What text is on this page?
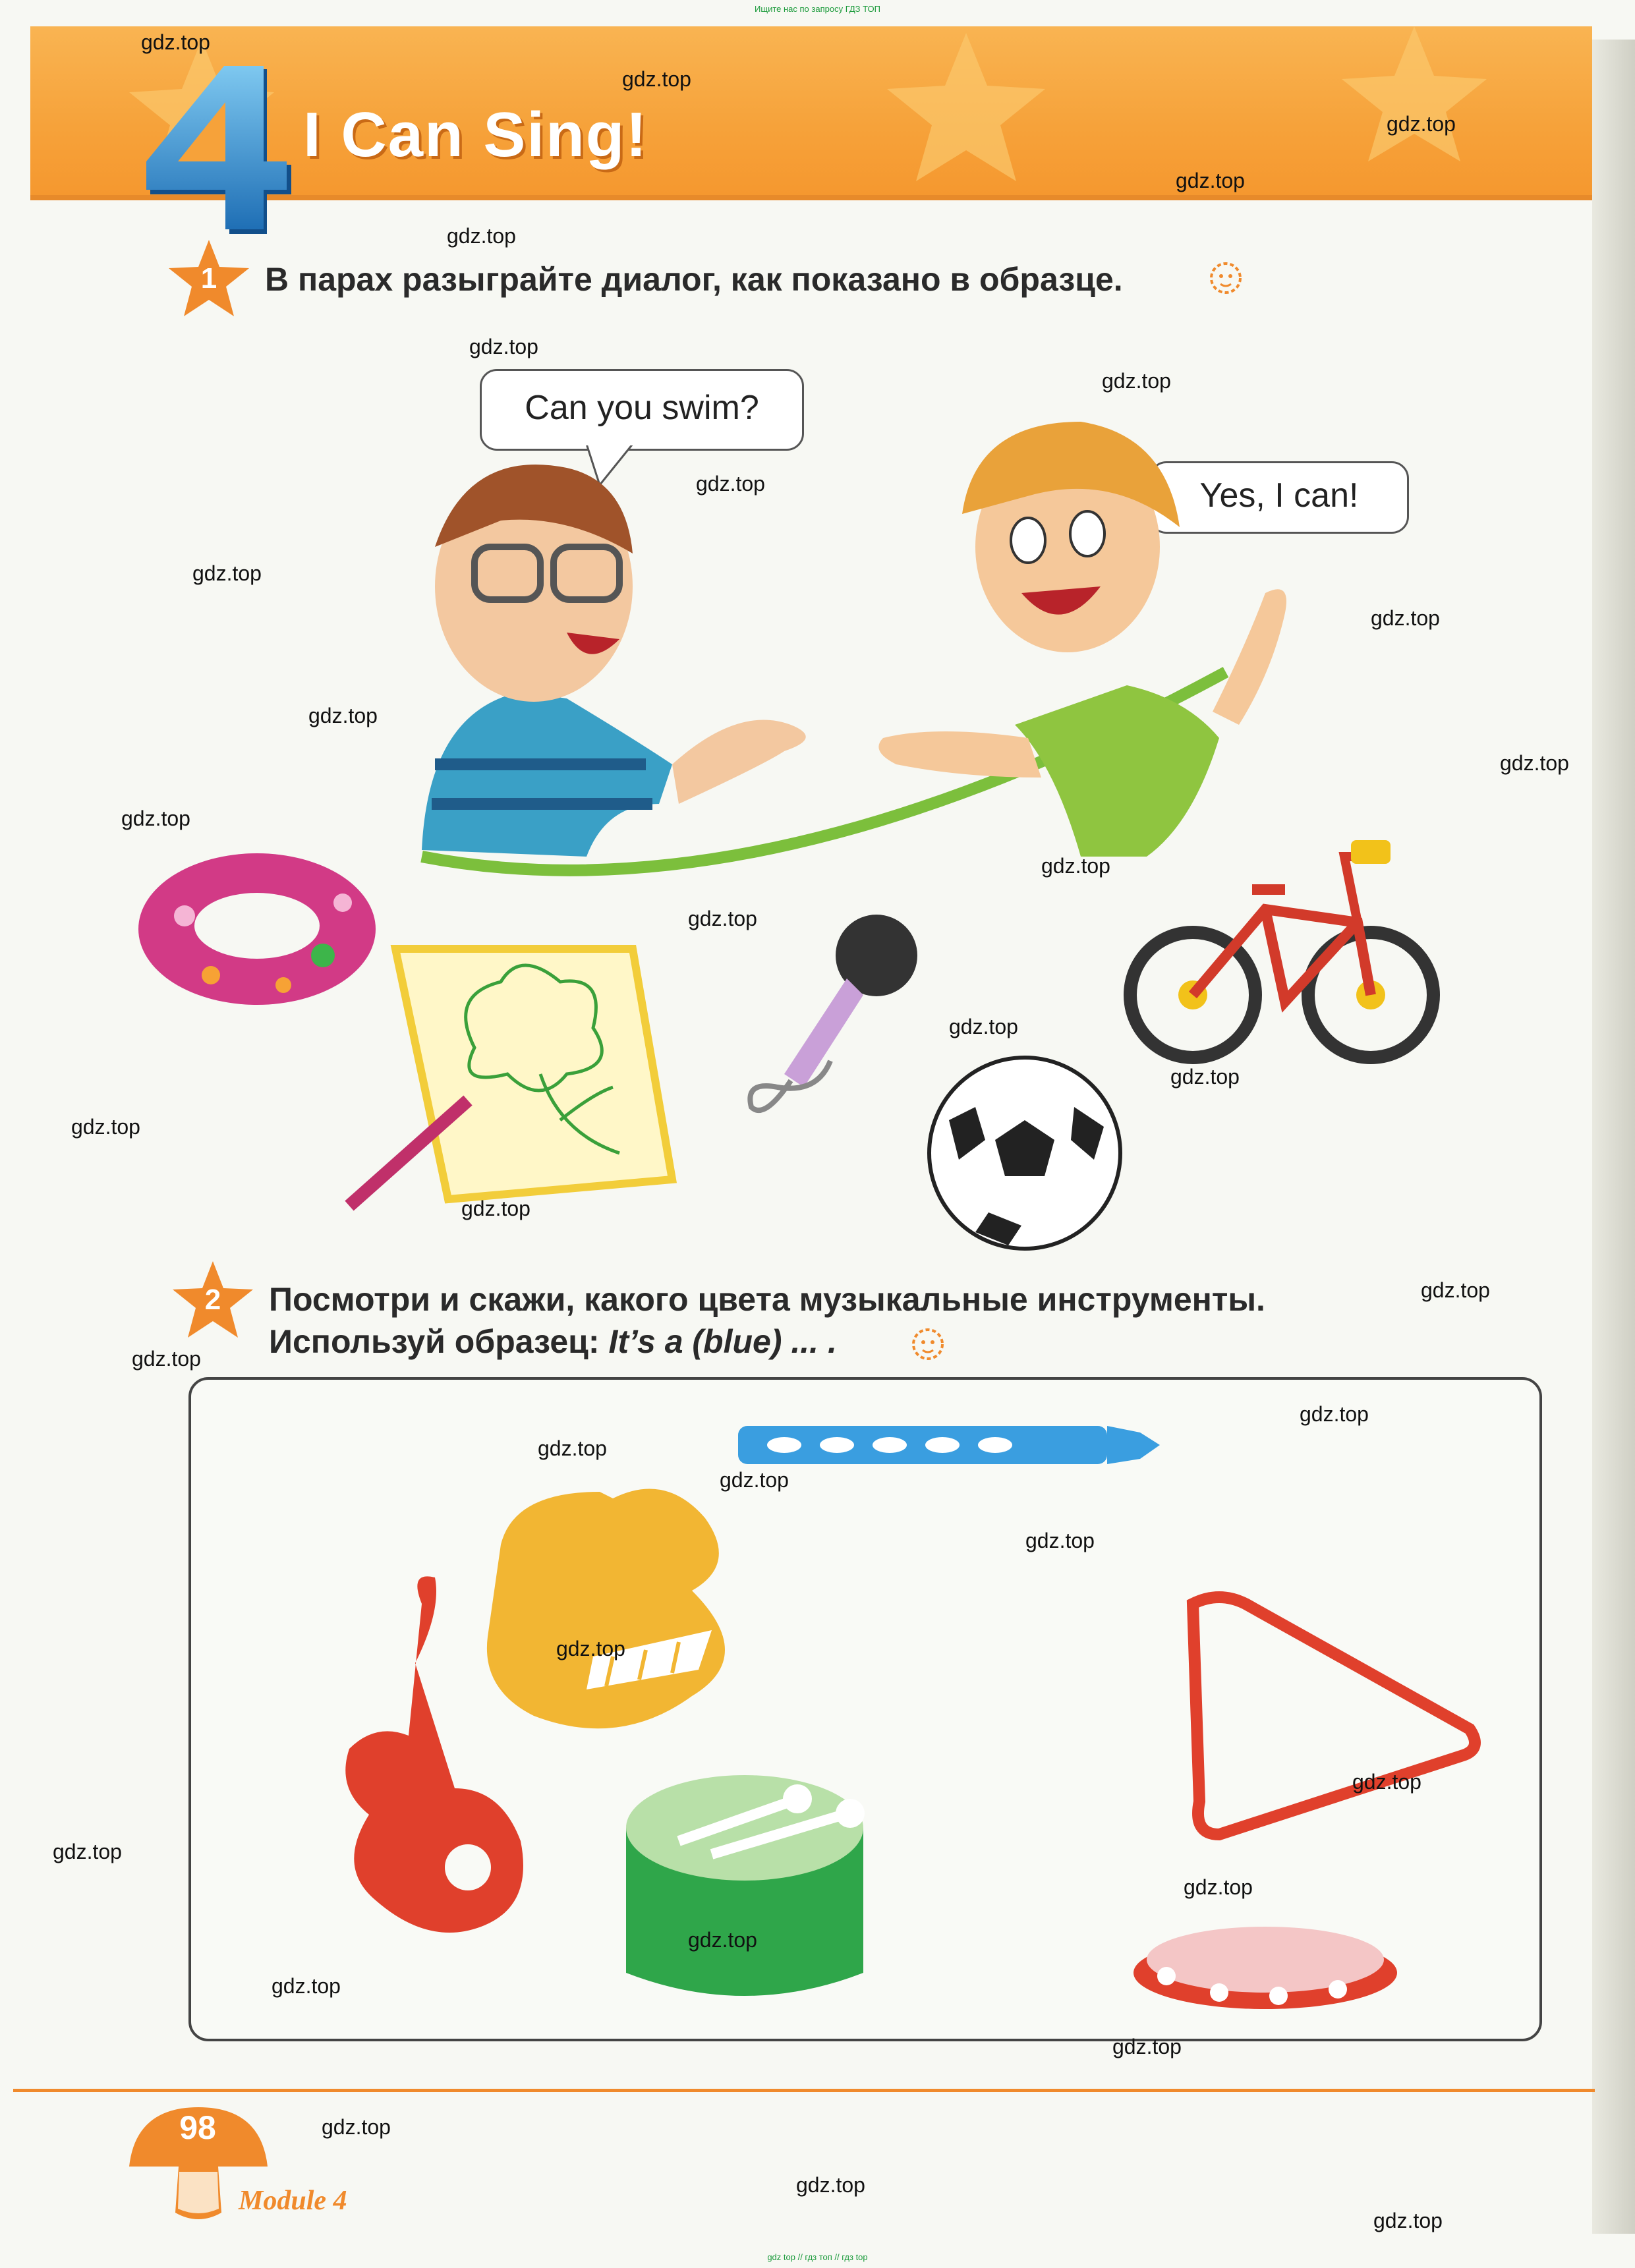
Ищите нас по запросу ГДЗ ТОП
4
I Can Sing!
1	В парах разыграйте диалог, как показано в образце.
Can you swim?
Yes, I can!
2	Посмотри и скажи, какого цвета музыкальные инструменты.
Используй образец: It’s a (blue) ... .
gdz.top
gdz.top
gdz.top
gdz.top
gdz.top
gdz.top
gdz.top
gdz.top
gdz.top
gdz.top
gdz.top
gdz.top
gdz.top
gdz.top
gdz.top
gdz.top
gdz.top
gdz.top
gdz.top
gdz.top
gdz.top
gdz.top
gdz.top
gdz.top
gdz.top
gdz.top
gdz.top
gdz.top
gdz.top
gdz.top
gdz.top
gdz.top
gdz.top
gdz.top
gdz.top
98
Module 4
gdz top // гдз топ // гдз top
